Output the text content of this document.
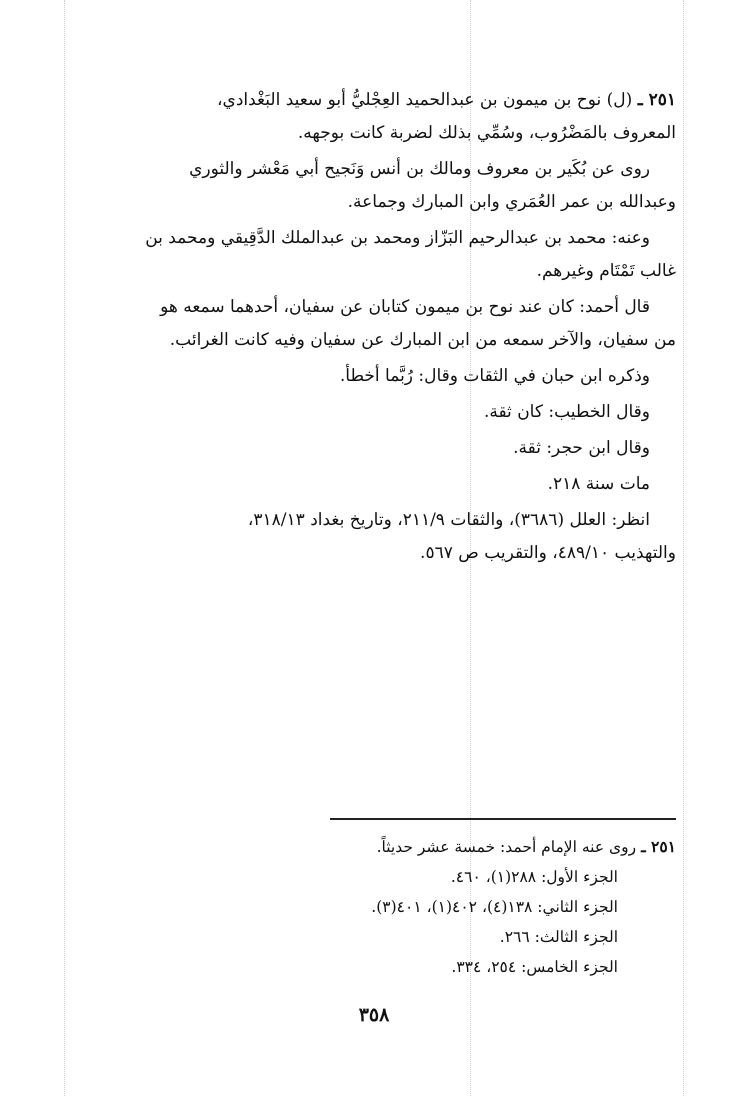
٢٥١ ـ (ل) نوح بن ميمون بن عبدالحميد العِجْليُّ أبو سعيد البَغْدادي،
المعروف بالمَضْرُوب، وسُمِّي بذلك لضربة كانت بوجهه.
روى عن بُكَير بن معروف ومالك بن أنس وَنَجيح أبي مَعْشر والثوري
وعبدالله بن عمر العُمَري وابن المبارك وجماعة.
وعنه: محمد بن عبدالرحيم البَزّاز ومحمد بن عبدالملك الدَّقِيقي ومحمد بن
غالب تَمْتَام وغيرهم.
قال أحمد: كان عند نوح بن ميمون كتابان عن سفيان، أحدهما سمعه هو
من سفيان، والآخر سمعه من ابن المبارك عن سفيان وفيه كانت الغرائب.
وذكره ابن حبان في الثقات وقال: رُبَّما أخطأ.
وقال الخطيب: كان ثقة.
وقال ابن حجر: ثقة.
مات سنة ٢١٨.
انظر: العلل (٣٦٨٦)، والثقات ٢١١/٩، وتاريخ بغداد ٣١٨/١٣،
والتهذيب ٤٨٩/١٠، والتقريب ص ٥٦٧.
٢٥١ ـ روى عنه الإمام أحمد: خمسة عشر حديثاً.
الجزء الأول: ٢٨٨(١)، ٤٦٠.
الجزء الثاني: ١٣٨(٤)، ٤٠٢(١)، ٤٠١(٣).
الجزء الثالث: ٢٦٦.
الجزء الخامس: ٢٥٤، ٣٣٤.
٣٥٨
